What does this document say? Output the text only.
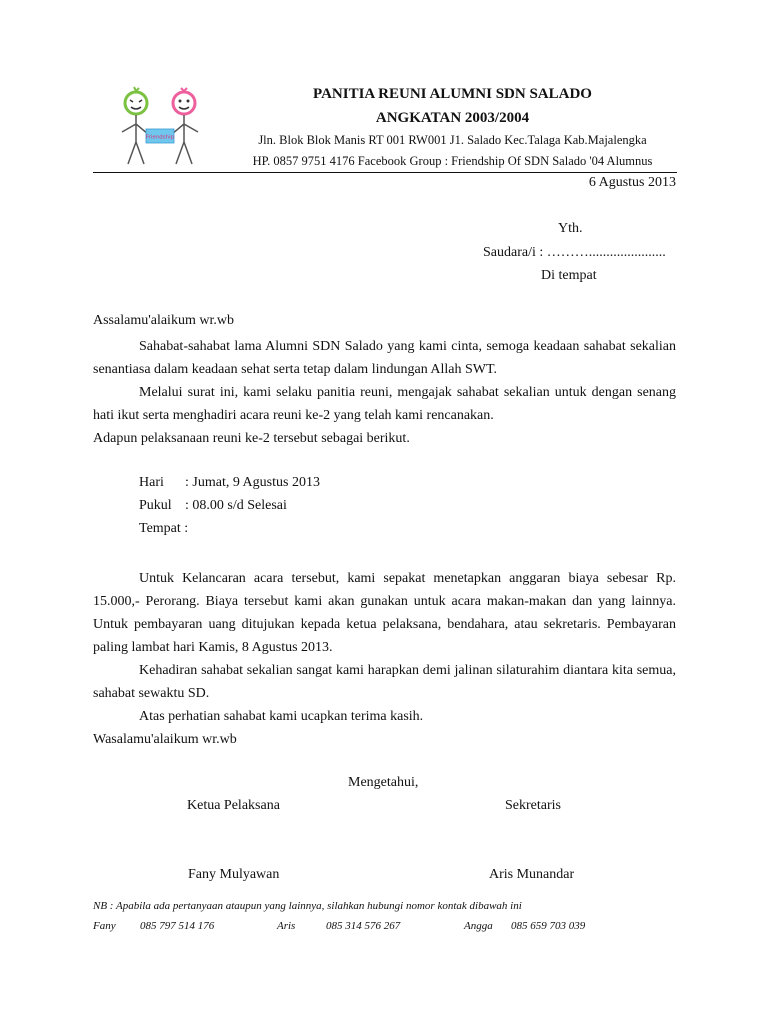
Friendship
PANITIA REUNI ALUMNI SDN SALADO
ANGKATAN 2003/2004
Jln. Blok Blok Manis RT 001 RW001 J1. Salado Kec.Talaga Kab.Majalengka
HP. 0857 9751 4176 Facebook Group : Friendship Of SDN Salado '04 Alumnus
6 Agustus 2013
Yth.
Saudara/i : ………......................
Di tempat
Assalamu'alaikum wr.wb

Sahabat-sahabat lama Alumni SDN Salado yang kami cinta, semoga keadaan sahabat sekalian senantiasa dalam keadaan sehat serta tetap dalam lindungan Allah SWT.

Melalui surat ini, kami selaku panitia reuni, mengajak sahabat sekalian untuk dengan senang hati ikut serta menghadiri acara reuni ke-2 yang telah kami rencanakan.

Adapun pelaksanaan reuni ke-2 tersebut sebagai berikut.

Hari : Jumat, 9 Agustus 2013
Pukul : 08.00 s/d Selesai
Tempat :

Untuk Kelancaran acara tersebut, kami sepakat menetapkan anggaran biaya sebesar Rp. 15.000,- Perorang. Biaya tersebut kami akan gunakan untuk acara makan-makan dan yang lainnya. Untuk pembayaran uang ditujukan kepada ketua pelaksana, bendahara, atau sekretaris. Pembayaran paling lambat hari Kamis, 8 Agustus 2013.

Kehadiran sahabat sekalian sangat kami harapkan demi jalinan silaturahim diantara kita semua, sahabat sewaktu SD.

Atas perhatian sahabat kami ucapkan terima kasih.

Wasalamu'alaikum wr.wb

Mengetahui,
Ketua Pelaksana	Sekretaris
Fany Mulyawan	Aris Munandar
NB : Apabila ada pertanyaan ataupun yang lainnya, silahkan hubungi nomor kontak dibawah ini
Fany 085 797 514 176	Aris	085 314 576 267	Angga 085 659 703 039
